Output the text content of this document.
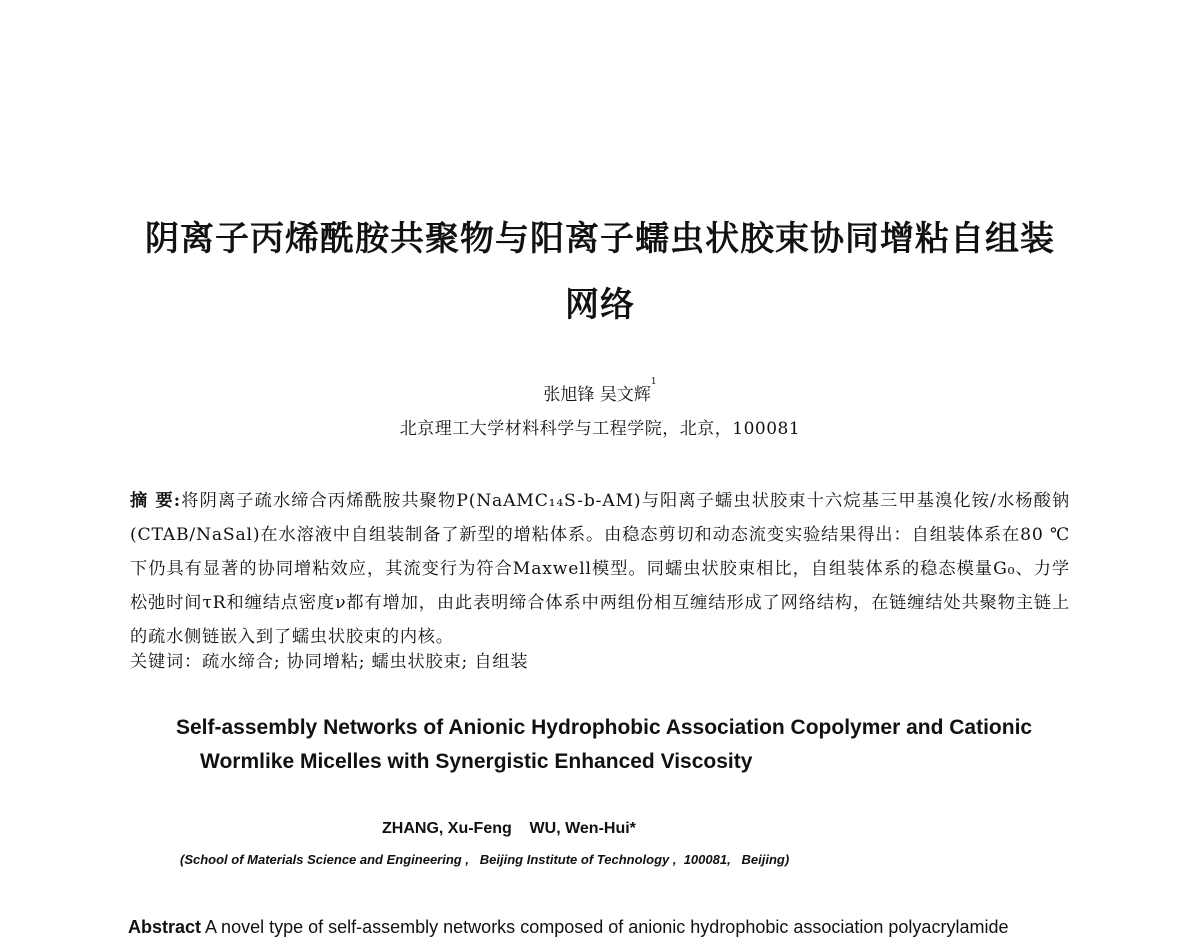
阴离子丙烯酰胺共聚物与阳离子蠕虫状胶束协同增粘自组装
网络
张旭锋 吴文辉$^1$
北京理工大学材料科学与工程学院，北京，100081
摘 要:将阴离子疏水缔合丙烯酰胺共聚物P(NaAMC₁₄S-b-AM)与阳离子蠕虫状胶束十六烷基三甲基溴化铵/水杨酸钠(CTAB/NaSal)在水溶液中自组装制备了新型的增粘体系。由稳态剪切和动态流变实验结果得出：自组装体系在80 ℃下仍具有显著的协同增粘效应，其流变行为符合Maxwell模型。同蠕虫状胶束相比，自组装体系的稳态模量G₀、力学松弛时间τR和缠结点密度ν都有增加，由此表明缔合体系中两组份相互缠结形成了网络结构，在链缠结处共聚物主链上的疏水侧链嵌入到了蠕虫状胶束的内核。
关键词：疏水缔合; 协同增粘; 蠕虫状胶束; 自组装
Self-assembly Networks of Anionic Hydrophobic Association Copolymer and Cationic
Wormlike Micelles with Synergistic Enhanced Viscosity
ZHANG, Xu-Feng    WU, Wen-Hui*
(School of Materials Science and Engineering ,   Beijing Institute of Technology ,  100081,   Beijing)
Abstract A novel type of self-assembly networks composed of anionic hydrophobic association polyacrylamide
